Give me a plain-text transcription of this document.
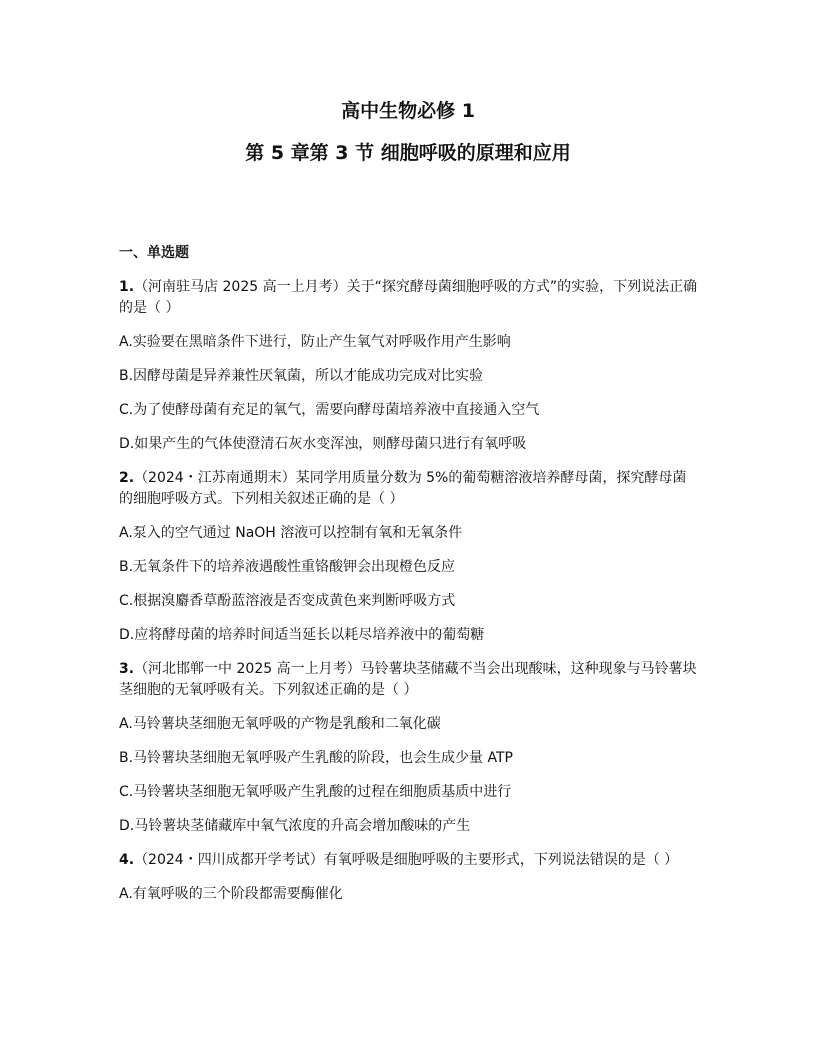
高中生物必修 1

第 5 章第 3 节 细胞呼吸的原理和应用

一、单选题

1.（河南驻马店 2025 高一上月考）关于“探究酵母菌细胞呼吸的方式”的实验，下列说法正确的是（ ）

A.实验要在黑暗条件下进行，防止产生氧气对呼吸作用产生影响

B.因酵母菌是异养兼性厌氧菌，所以才能成功完成对比实验

C.为了使酵母菌有充足的氧气，需要向酵母菌培养液中直接通入空气

D.如果产生的气体使澄清石灰水变浑浊，则酵母菌只进行有氧呼吸

2.（2024・江苏南通期末）某同学用质量分数为 5%的葡萄糖溶液培养酵母菌，探究酵母菌的细胞呼吸方式。下列相关叙述正确的是（ ）

A.泵入的空气通过 NaOH 溶液可以控制有氧和无氧条件

B.无氧条件下的培养液遇酸性重铬酸钾会出现橙色反应

C.根据溴麝香草酚蓝溶液是否变成黄色来判断呼吸方式

D.应将酵母菌的培养时间适当延长以耗尽培养液中的葡萄糖

3.（河北邯郸一中 2025 高一上月考）马铃薯块茎储藏不当会出现酸味，这种现象与马铃薯块茎细胞的无氧呼吸有关。下列叙述正确的是（ ）

A.马铃薯块茎细胞无氧呼吸的产物是乳酸和二氧化碳

B.马铃薯块茎细胞无氧呼吸产生乳酸的阶段，也会生成少量 ATP

C.马铃薯块茎细胞无氧呼吸产生乳酸的过程在细胞质基质中进行

D.马铃薯块茎储藏库中氧气浓度的升高会增加酸味的产生

4.（2024・四川成都开学考试）有氧呼吸是细胞呼吸的主要形式，下列说法错误的是（ ）

A.有氧呼吸的三个阶段都需要酶催化
